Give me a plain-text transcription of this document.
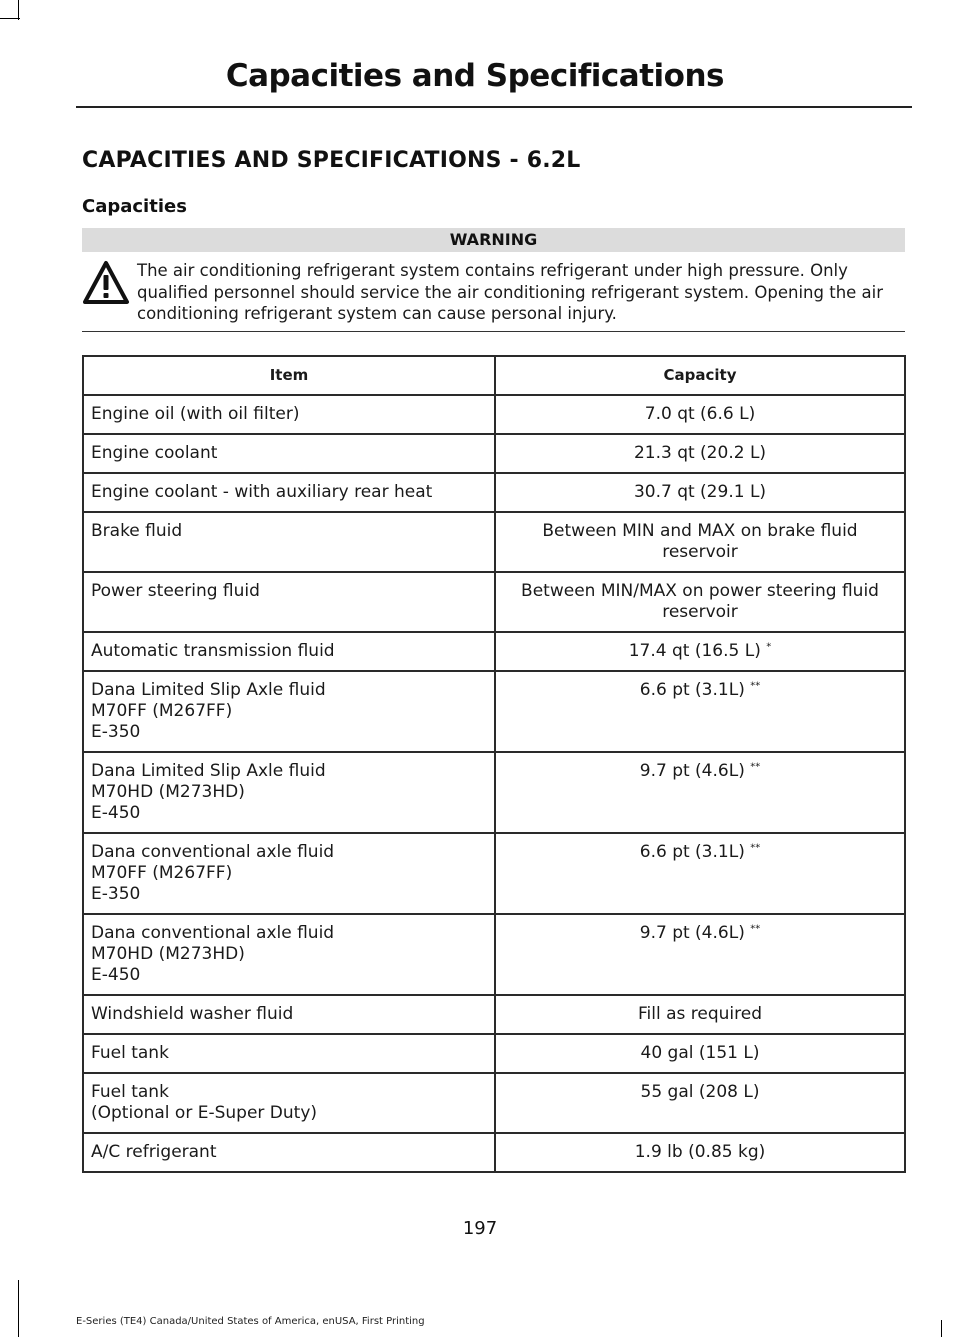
Capacities and Specifications
CAPACITIES AND SPECIFICATIONS - 6.2L
Capacities
WARNING
The air conditioning refrigerant system contains refrigerant under high pressure. Only qualified personnel should service the air conditioning refrigerant system. Opening the air conditioning refrigerant system can cause personal injury.
Item	Capacity

Engine oil (with oil filter)	7.0 qt (6.6 L)

Engine coolant	21.3 qt (20.2 L)

Engine coolant - with auxiliary rear heat	30.7 qt (29.1 L)

Brake fluid	Between MIN and MAX on brake fluid
reservoir

Power steering fluid	Between MIN/MAX on power steering fluid
reservoir

Automatic transmission fluid	17.4 qt (16.5 L) *

Dana Limited Slip Axle fluid
M70FF (M267FF)
E-350	6.6 pt (3.1L) **

Dana Limited Slip Axle fluid
M70HD (M273HD)
E-450	9.7 pt (4.6L) **

Dana conventional axle fluid
M70FF (M267FF)
E-350	6.6 pt (3.1L) **

Dana conventional axle fluid
M70HD (M273HD)
E-450	9.7 pt (4.6L) **

Windshield washer fluid	Fill as required

Fuel tank	40 gal (151 L)

Fuel tank
(Optional or E-Super Duty)	55 gal (208 L)

A/C refrigerant	1.9 lb (0.85 kg)
197
E-Series (TE4) Canada/United States of America, enUSA, First Printing
